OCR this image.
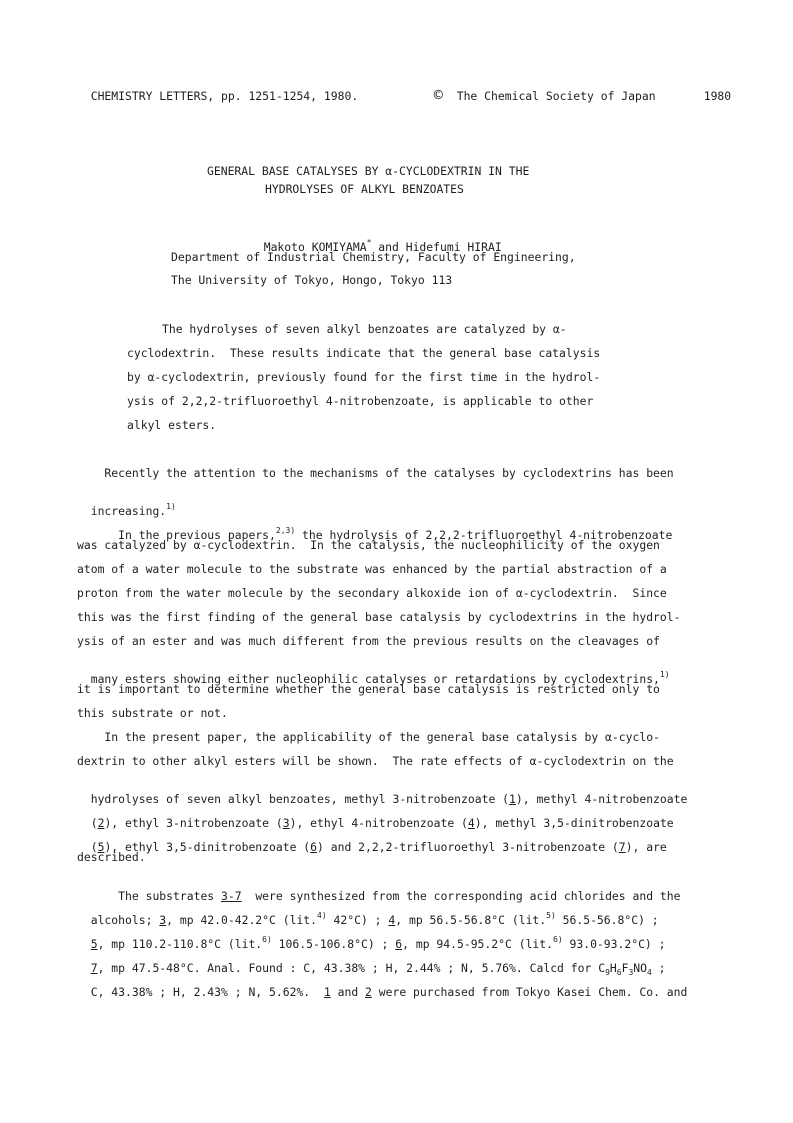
CHEMISTRY LETTERS, pp. 1251-1254, 1980.	©	The Chemical Society of Japan	1980

GENERAL BASE CATALYSES BY α-CYCLODEXTRIN IN THE
HYDROLYSES OF ALKYL BENZOATES

Makoto KOMIYAMA* and Hidefumi HIRAI

Department of Industrial Chemistry, Faculty of Engineering,
The University of Tokyo, Hongo, Tokyo 113
The hydrolyses of seven alkyl benzoates are catalyzed by α-
cyclodextrin.  These results indicate that the general base catalysis
by α-cyclodextrin, previously found for the first time in the hydrol-
ysis of 2,2,2-trifluoroethyl 4-nitrobenzoate, is applicable to other
alkyl esters.
Recently the attention to the mechanisms of the catalyses by cyclodextrins has been

increasing.$^{1)}$

In the previous papers,$^{2,3)}$ the hydrolysis of 2,2,2-trifluoroethyl 4-nitrobenzoate

was catalyzed by α-cyclodextrin.  In the catalysis, the nucleophilicity of the oxygen
atom of a water molecule to the substrate was enhanced by the partial abstraction of a
proton from the water molecule by the secondary alkoxide ion of α-cyclodextrin.  Since
this was the first finding of the general base catalysis by cyclodextrins in the hydrol-
ysis of an ester and was much different from the previous results on the cleavages of

many esters showing either nucleophilic catalyses or retardations by cyclodextrins,$^{1)}$

it is important to determine whether the general base catalysis is restricted only to
this substrate or not.
In the present paper, the applicability of the general base catalysis by α-cyclo-
dextrin to other alkyl esters will be shown.  The rate effects of α-cyclodextrin on the

hydrolyses of seven alkyl benzoates, methyl 3-nitrobenzoate (1), methyl 4-nitrobenzoate

(2), ethyl 3-nitrobenzoate (3), ethyl 4-nitrobenzoate (4), methyl 3,5-dinitrobenzoate

(5), ethyl 3,5-dinitrobenzoate (6) and 2,2,2-trifluoroethyl 3-nitrobenzoate (7), are

described.

The substrates 3-7  were synthesized from the corresponding acid chlorides and the

alcohols; 3, mp 42.0-42.2°C (lit.$^{4)}$ 42°C) ; 4, mp 56.5-56.8°C (lit.$^{5)}$ 56.5-56.8°C) ;

5, mp 110.2-110.8°C (lit.$^{6)}$ 106.5-106.8°C) ; 6, mp 94.5-95.2°C (lit.$^{6)}$ 93.0-93.2°C) ;

7, mp 47.5-48°C. Anal. Found : C, 43.38% ; H, 2.44% ; N, 5.76%. Calcd for $C_9H_6F_3NO_4$ ;

C, 43.38% ; H, 2.43% ; N, 5.62%.  1 and 2 were purchased from Tokyo Kasei Chem. Co. and
